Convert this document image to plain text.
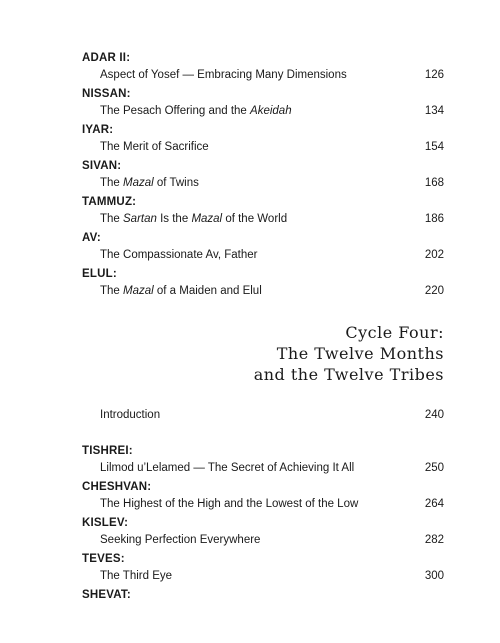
ADAR II:
Aspect of Yosef — Embracing Many Dimensions	126
NISSAN:
The Pesach Offering and the Akeidah	134
IYAR:
The Merit of Sacrifice	154
SIVAN:
The Mazal of Twins	168
TAMMUZ:
The Sartan Is the Mazal of the World	186
AV:
The Compassionate Av, Father	202
ELUL:
The Mazal of a Maiden and Elul	220
Cycle Four:
The Twelve Months
and the Twelve Tribes
Introduction	240
TISHREI:
Lilmod u’Lelamed — The Secret of Achieving It All	250
CHESHVAN:
The Highest of the High and the Lowest of the Low	264
KISLEV:
Seeking Perfection Everywhere	282
TEVES:
The Third Eye	300
SHEVAT:
